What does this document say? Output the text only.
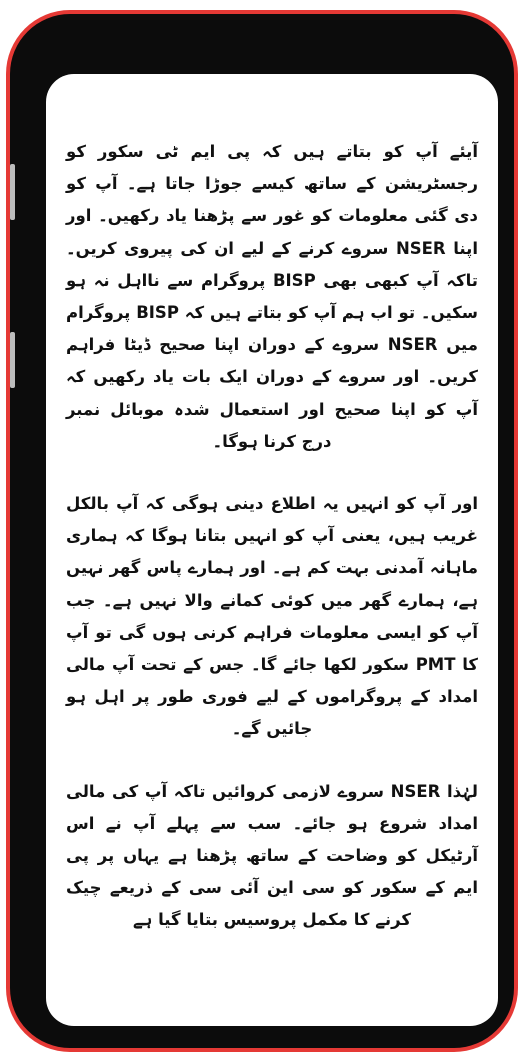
آیئے آپ کو بتاتے ہیں کہ پی ایم ٹی سکور کو رجسٹریشن کے ساتھ کیسے جوڑا جاتا ہے۔ آپ کو دی گئی معلومات کو غور سے پڑھنا یاد رکھیں۔ اور اپنا NSER سروے کرنے کے لیے ان کی پیروی کریں۔ تاکہ آپ کبھی بھی BISP پروگرام سے نااہل نہ ہو سکیں۔ تو اب ہم آپ کو بتاتے ہیں کہ BISP پروگرام میں NSER سروے کے دوران اپنا صحیح ڈیٹا فراہم کریں۔ اور سروے کے دوران ایک بات یاد رکھیں کہ آپ کو اپنا صحیح اور استعمال شدہ موبائل نمبر درج کرنا ہوگا۔

اور آپ کو انہیں یہ اطلاع دینی ہوگی کہ آپ بالکل غریب ہیں، یعنی آپ کو انہیں بتانا ہوگا کہ ہماری ماہانہ آمدنی بہت کم ہے۔ اور ہمارے پاس گھر نہیں ہے، ہمارے گھر میں کوئی کمانے والا نہیں ہے۔ جب آپ کو ایسی معلومات فراہم کرنی ہوں گی تو آپ کا PMT سکور لکھا جائے گا۔ جس کے تحت آپ مالی امداد کے پروگراموں کے لیے فوری طور پر اہل ہو جائیں گے۔

لہٰذا NSER سروے لازمی کروائیں تاکہ آپ کی مالی امداد شروع ہو جائے۔ سب سے پہلے آپ نے اس آرٹیکل کو وضاحت کے ساتھ پڑھنا ہے یہاں پر پی ایم کے سکور کو سی این آئی سی کے ذریعے چیک کرنے کا مکمل پروسیس بتایا گیا ہے
